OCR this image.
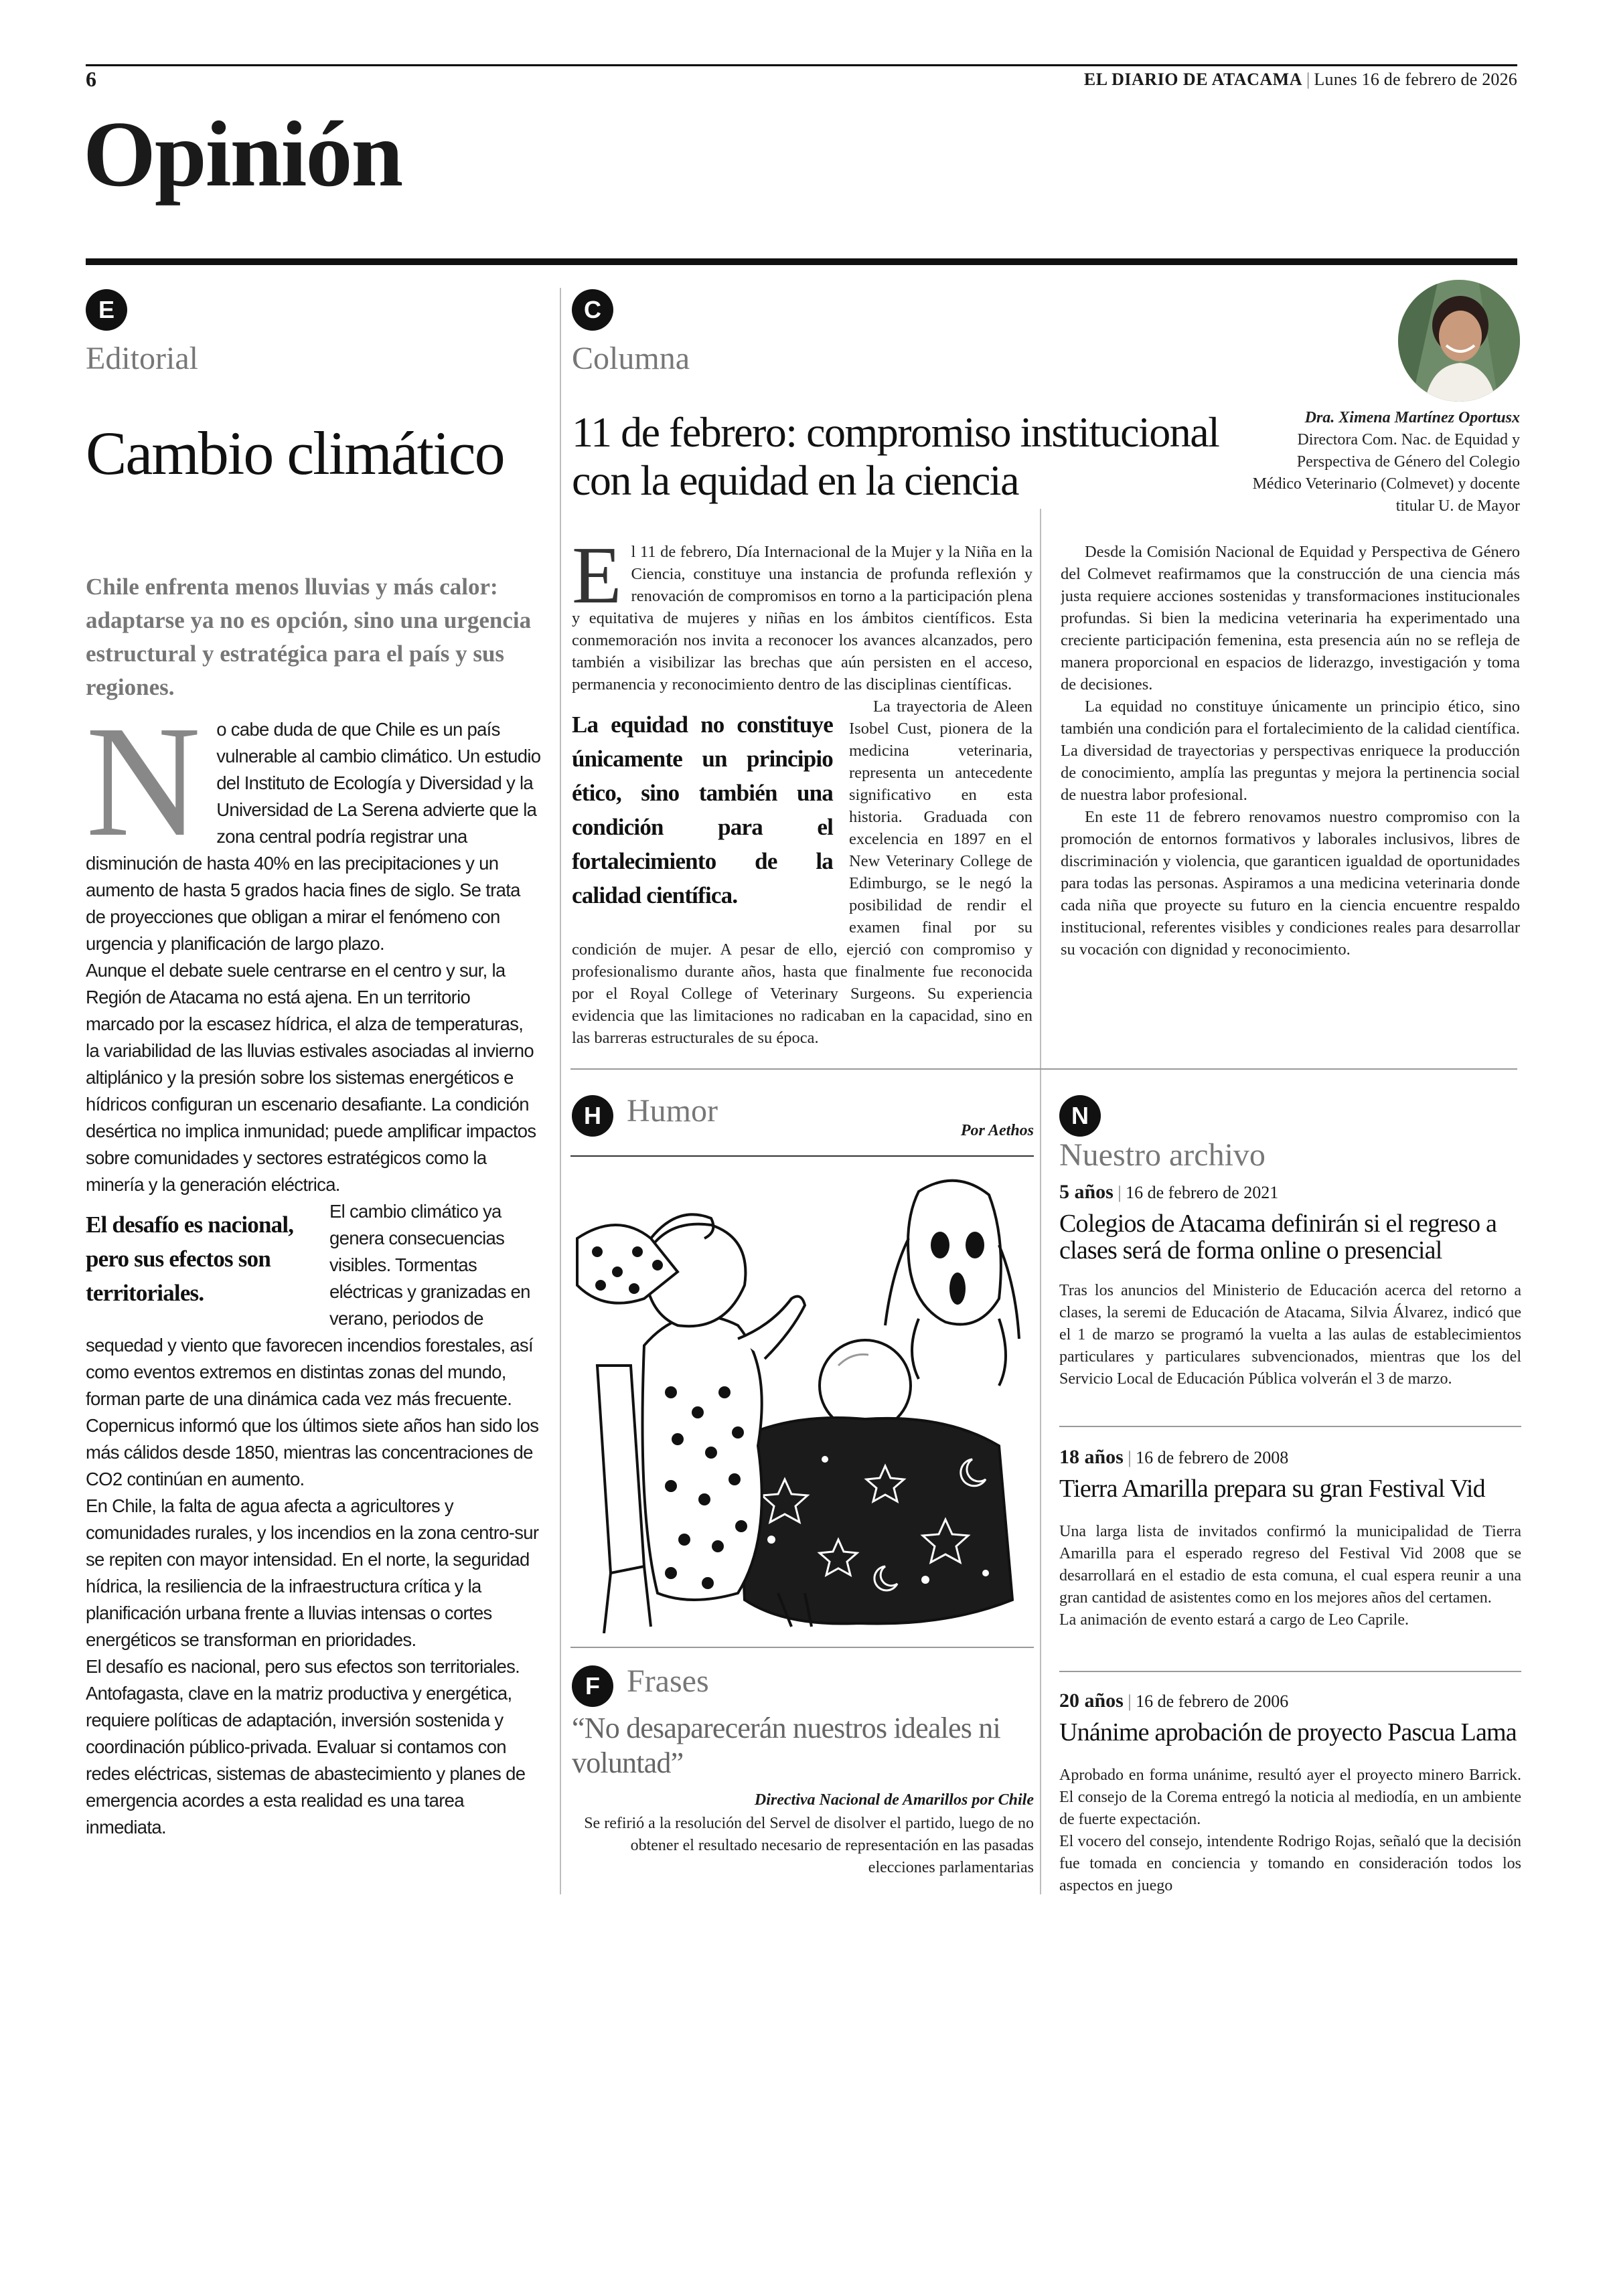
6	EL DIARIO DE ATACAMA | Lunes 16 de febrero de 2026
Opinión
E
Editorial
Cambio climático
Chile enfrenta menos lluvias y más calor: adaptarse ya no es opción, sino una urgencia estructural y estratégica para el país y sus regiones.
N o cabe duda de que Chile es un país vulnerable al cambio climático. Un estudio del Instituto de Ecología y Diversidad y la Universidad de La Serena advierte que la zona central podría registrar una disminución de hasta 40% en las precipitaciones y un aumento de hasta 5 grados hacia fines de siglo. Se trata de proyecciones que obligan a mirar el fenómeno con urgencia y planificación de largo plazo.

Aunque el debate suele centrarse en el centro y sur, la Región de Atacama no está ajena. En un territorio marcado por la escasez hídrica, el alza de temperaturas, la variabilidad de las lluvias estivales asociadas al invierno altiplánico y la presión sobre los sistemas energéticos e hídricos configuran un escenario desafiante. La condición desértica no implica inmunidad; puede amplificar impactos sobre comunidades y sectores estratégicos como la minería y la generación eléctrica.

El desafío es nacional, pero sus efectos son territoriales.

El cambio climático ya genera consecuencias visibles. Tormentas eléctricas y granizadas en verano, periodos de sequedad y viento que favorecen incendios forestales, así como eventos extremos en distintas zonas del mundo, forman parte de una dinámica cada vez más frecuente. Copernicus informó que los últimos siete años han sido los más cálidos desde 1850, mientras las concentraciones de CO2 continúan en aumento.

En Chile, la falta de agua afecta a agricultores y comunidades rurales, y los incendios en la zona centro-sur se repiten con mayor intensidad. En el norte, la seguridad hídrica, la resiliencia de la infraestructura crítica y la planificación urbana frente a lluvias intensas o cortes energéticos se transforman en prioridades.

El desafío es nacional, pero sus efectos son territoriales. Antofagasta, clave en la matriz productiva y energética, requiere políticas de adaptación, inversión sostenida y coordinación público-privada. Evaluar si contamos con redes eléctricas, sistemas de abastecimiento y planes de emergencia acordes a esta realidad es una tarea inmediata.

C
Columna
11 de febrero: compromiso institucional con la equidad en la ciencia
Dra. Ximena Martínez Oportusx
Directora Com. Nac. de Equidad y Perspectiva de Género del Colegio Médico Veterinario (Colmevet) y docente titular U. de Mayor
E l 11 de febrero, Día Internacional de la Mujer y la Niña en la Ciencia, constituye una instancia de profunda reflexión y renovación de compromisos en torno a la participación plena y equitativa de mujeres y niñas en los ámbitos científicos. Esta conmemoración nos invita a reconocer los avances alcanzados, pero también a visibilizar las brechas que aún persisten en el acceso, permanencia y reconocimiento dentro de las disciplinas científicas.

La equidad no constituye únicamente un principio ético, sino también una condición para el fortalecimiento de la calidad científica.

La trayectoria de Aleen Isobel Cust, pionera de la medicina veterinaria, representa un antecedente significativo en esta historia. Graduada con excelencia en 1897 en el New Veterinary College de Edimburgo, se le negó la posibilidad de rendir el examen final por su condición de mujer. A pesar de ello, ejerció con compromiso y profesionalismo durante años, hasta que finalmente fue reconocida por el Royal College of Veterinary Surgeons. Su experiencia evidencia que las limitaciones no radicaban en la capacidad, sino en las barreras estructurales de su época.

Desde la Comisión Nacional de Equidad y Perspectiva de Género del Colmevet reafirmamos que la construcción de una ciencia más justa requiere acciones sostenidas y transformaciones institucionales profundas. Si bien la medicina veterinaria ha experimentado una creciente participación femenina, esta presencia aún no se refleja de manera proporcional en espacios de liderazgo, investigación y toma de decisiones.

La equidad no constituye únicamente un principio ético, sino también una condición para el fortalecimiento de la calidad científica. La diversidad de trayectorias y perspectivas enriquece la producción de conocimiento, amplía las preguntas y mejora la pertinencia social de nuestra labor profesional.

En este 11 de febrero renovamos nuestro compromiso con la promoción de entornos formativos y laborales inclusivos, libres de discriminación y violencia, que garanticen igualdad de oportunidades para todas las personas. Aspiramos a una medicina veterinaria donde cada niña que proyecte su futuro en la ciencia encuentre respaldo institucional, referentes visibles y condiciones reales para desarrollar su vocación con dignidad y reconocimiento.

H Humor
Por Aethos
F Frases
“No desaparecerán nuestros ideales ni voluntad”
Directiva Nacional de Amarillos por Chile
Se refirió a la resolución del Servel de disolver el partido, luego de no obtener el resultado necesario de representación en las pasadas elecciones parlamentarias
N
Nuestro archivo
5 años | 16 de febrero de 2021
Colegios de Atacama definirán si el regreso a clases será de forma online o presencial

Tras los anuncios del Ministerio de Educación acerca del retorno a clases, la seremi de Educación de Atacama, Silvia Álvarez, indicó que el 1 de marzo se programó la vuelta a las aulas de establecimientos particulares y particulares subvencionados, mientras que los del Servicio Local de Educación Pública volverán el 3 de marzo.

18 años | 16 de febrero de 2008
Tierra Amarilla prepara su gran Festival Vid

Una larga lista de invitados confirmó la municipalidad de Tierra Amarilla para el esperado regreso del Festival Vid 2008 que se desarrollará en el estadio de esta comuna, el cual espera reunir a una gran cantidad de asistentes como en los mejores años del certamen.

La animación de evento estará a cargo de Leo Caprile.

20 años | 16 de febrero de 2006
Unánime aprobación de proyecto Pascua Lama

Aprobado en forma unánime, resultó ayer el proyecto minero Barrick. El consejo de la Corema entregó la noticia al mediodía, en un ambiente de fuerte expectación.

El vocero del consejo, intendente Rodrigo Rojas, señaló que la decisión fue tomada en conciencia y tomando en consideración todos los aspectos en juego
